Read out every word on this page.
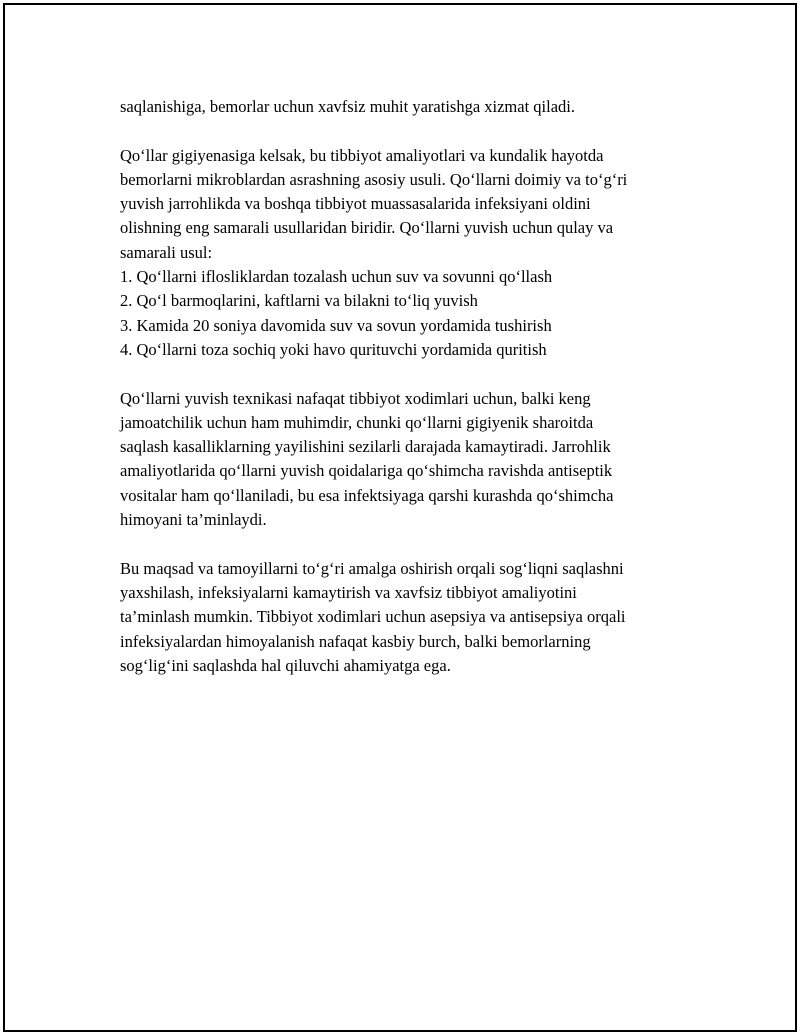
saqlanishiga, bemorlar uchun xavfsiz muhit yaratishga xizmat qiladi.
Qo‘llar gigiyenasiga kelsak, bu tibbiyot amaliyotlari va kundalik hayotda
bemorlarni mikroblardan asrashning asosiy usuli. Qo‘llarni doimiy va to‘g‘ri
yuvish jarrohlikda va boshqa tibbiyot muassasalarida infeksiyani oldini
olishning eng samarali usullaridan biridir. Qo‘llarni yuvish uchun qulay va
samarali usul:
1. Qo‘llarni iflosliklardan tozalash uchun suv va sovunni qo‘llash
2. Qo‘l barmoqlarini, kaftlarni va bilakni to‘liq yuvish
3. Kamida 20 soniya davomida suv va sovun yordamida tushirish
4. Qo‘llarni toza sochiq yoki havo qurituvchi yordamida quritish
Qo‘llarni yuvish texnikasi nafaqat tibbiyot xodimlari uchun, balki keng
jamoatchilik uchun ham muhimdir, chunki qo‘llarni gigiyenik sharoitda
saqlash kasalliklarning yayilishini sezilarli darajada kamaytiradi. Jarrohlik
amaliyotlarida qo‘llarni yuvish qoidalariga qo‘shimcha ravishda antiseptik
vositalar ham qo‘llaniladi, bu esa infektsiyaga qarshi kurashda qo‘shimcha
himoyani ta’minlaydi.
Bu maqsad va tamoyillarni to‘g‘ri amalga oshirish orqali sog‘liqni saqlashni
yaxshilash, infeksiyalarni kamaytirish va xavfsiz tibbiyot amaliyotini
ta’minlash mumkin. Tibbiyot xodimlari uchun asepsiya va antisepsiya orqali
infeksiyalardan himoyalanish nafaqat kasbiy burch, balki bemorlarning
sog‘lig‘ini saqlashda hal qiluvchi ahamiyatga ega.
